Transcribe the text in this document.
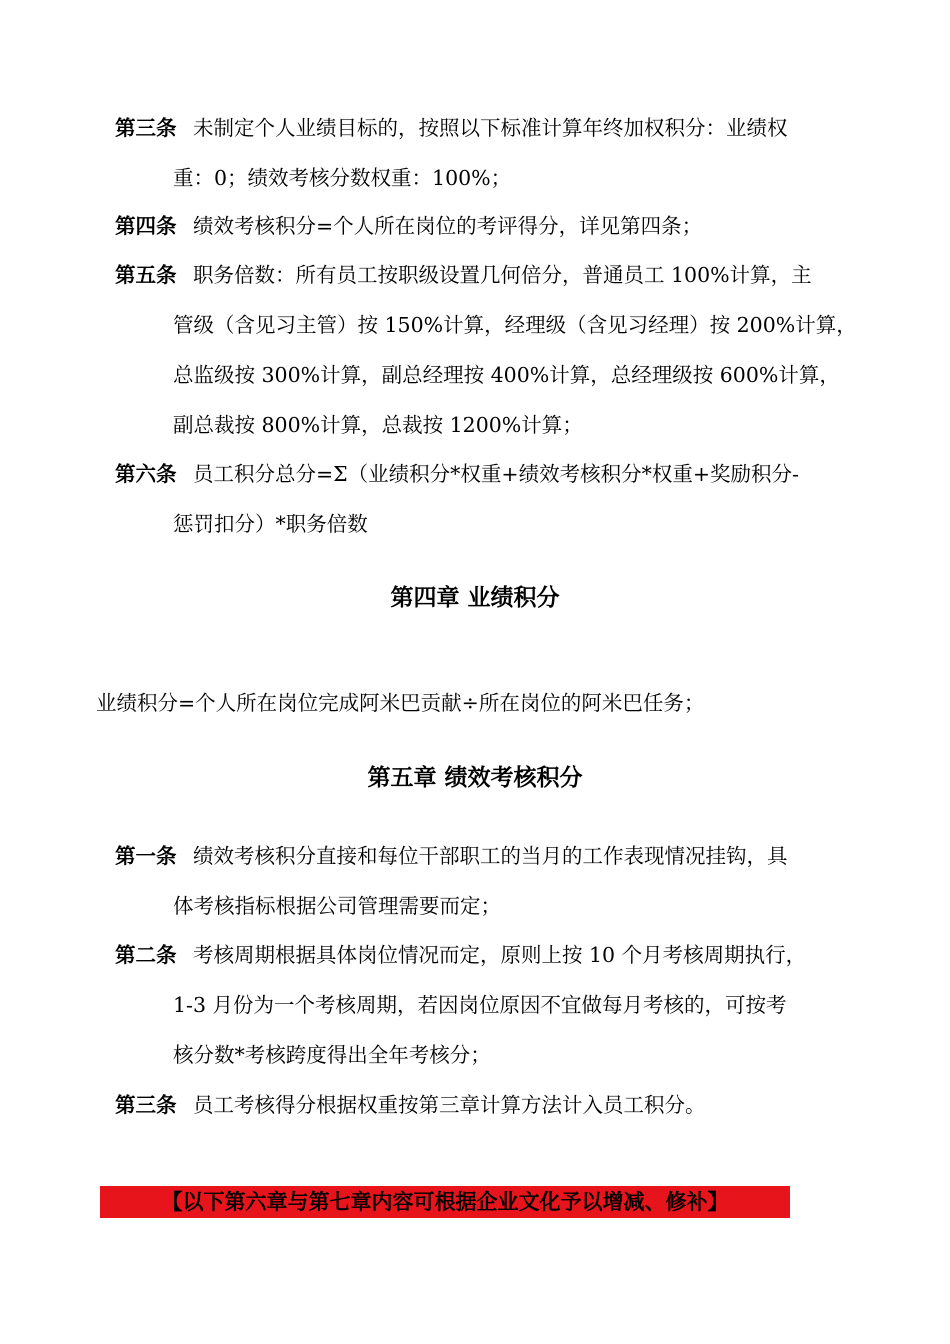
第三条 未制定个人业绩目标的，按照以下标准计算年终加权积分：业绩权
重：0；绩效考核分数权重：100%；
第四条 绩效考核积分=个人所在岗位的考评得分，详见第四条；
第五条 职务倍数：所有员工按职级设置几何倍分，普通员工 100%计算，主
管级（含见习主管）按 150%计算，经理级（含见习经理）按 200%计算，
总监级按 300%计算，副总经理按 400%计算，总经理级按 600%计算，
副总裁按 800%计算，总裁按 1200%计算；
第六条 员工积分总分=Σ（业绩积分*权重+绩效考核积分*权重+奖励积分-
惩罚扣分）*职务倍数
第四章 业绩积分
业绩积分=个人所在岗位完成阿米巴贡献÷所在岗位的阿米巴任务；
第五章 绩效考核积分
第一条 绩效考核积分直接和每位干部职工的当月的工作表现情况挂钩，具
体考核指标根据公司管理需要而定；
第二条 考核周期根据具体岗位情况而定，原则上按 10 个月考核周期执行，
1-3 月份为一个考核周期，若因岗位原因不宜做每月考核的，可按考
核分数*考核跨度得出全年考核分；
第三条 员工考核得分根据权重按第三章计算方法计入员工积分。
【以下第六章与第七章内容可根据企业文化予以增减、修补】
